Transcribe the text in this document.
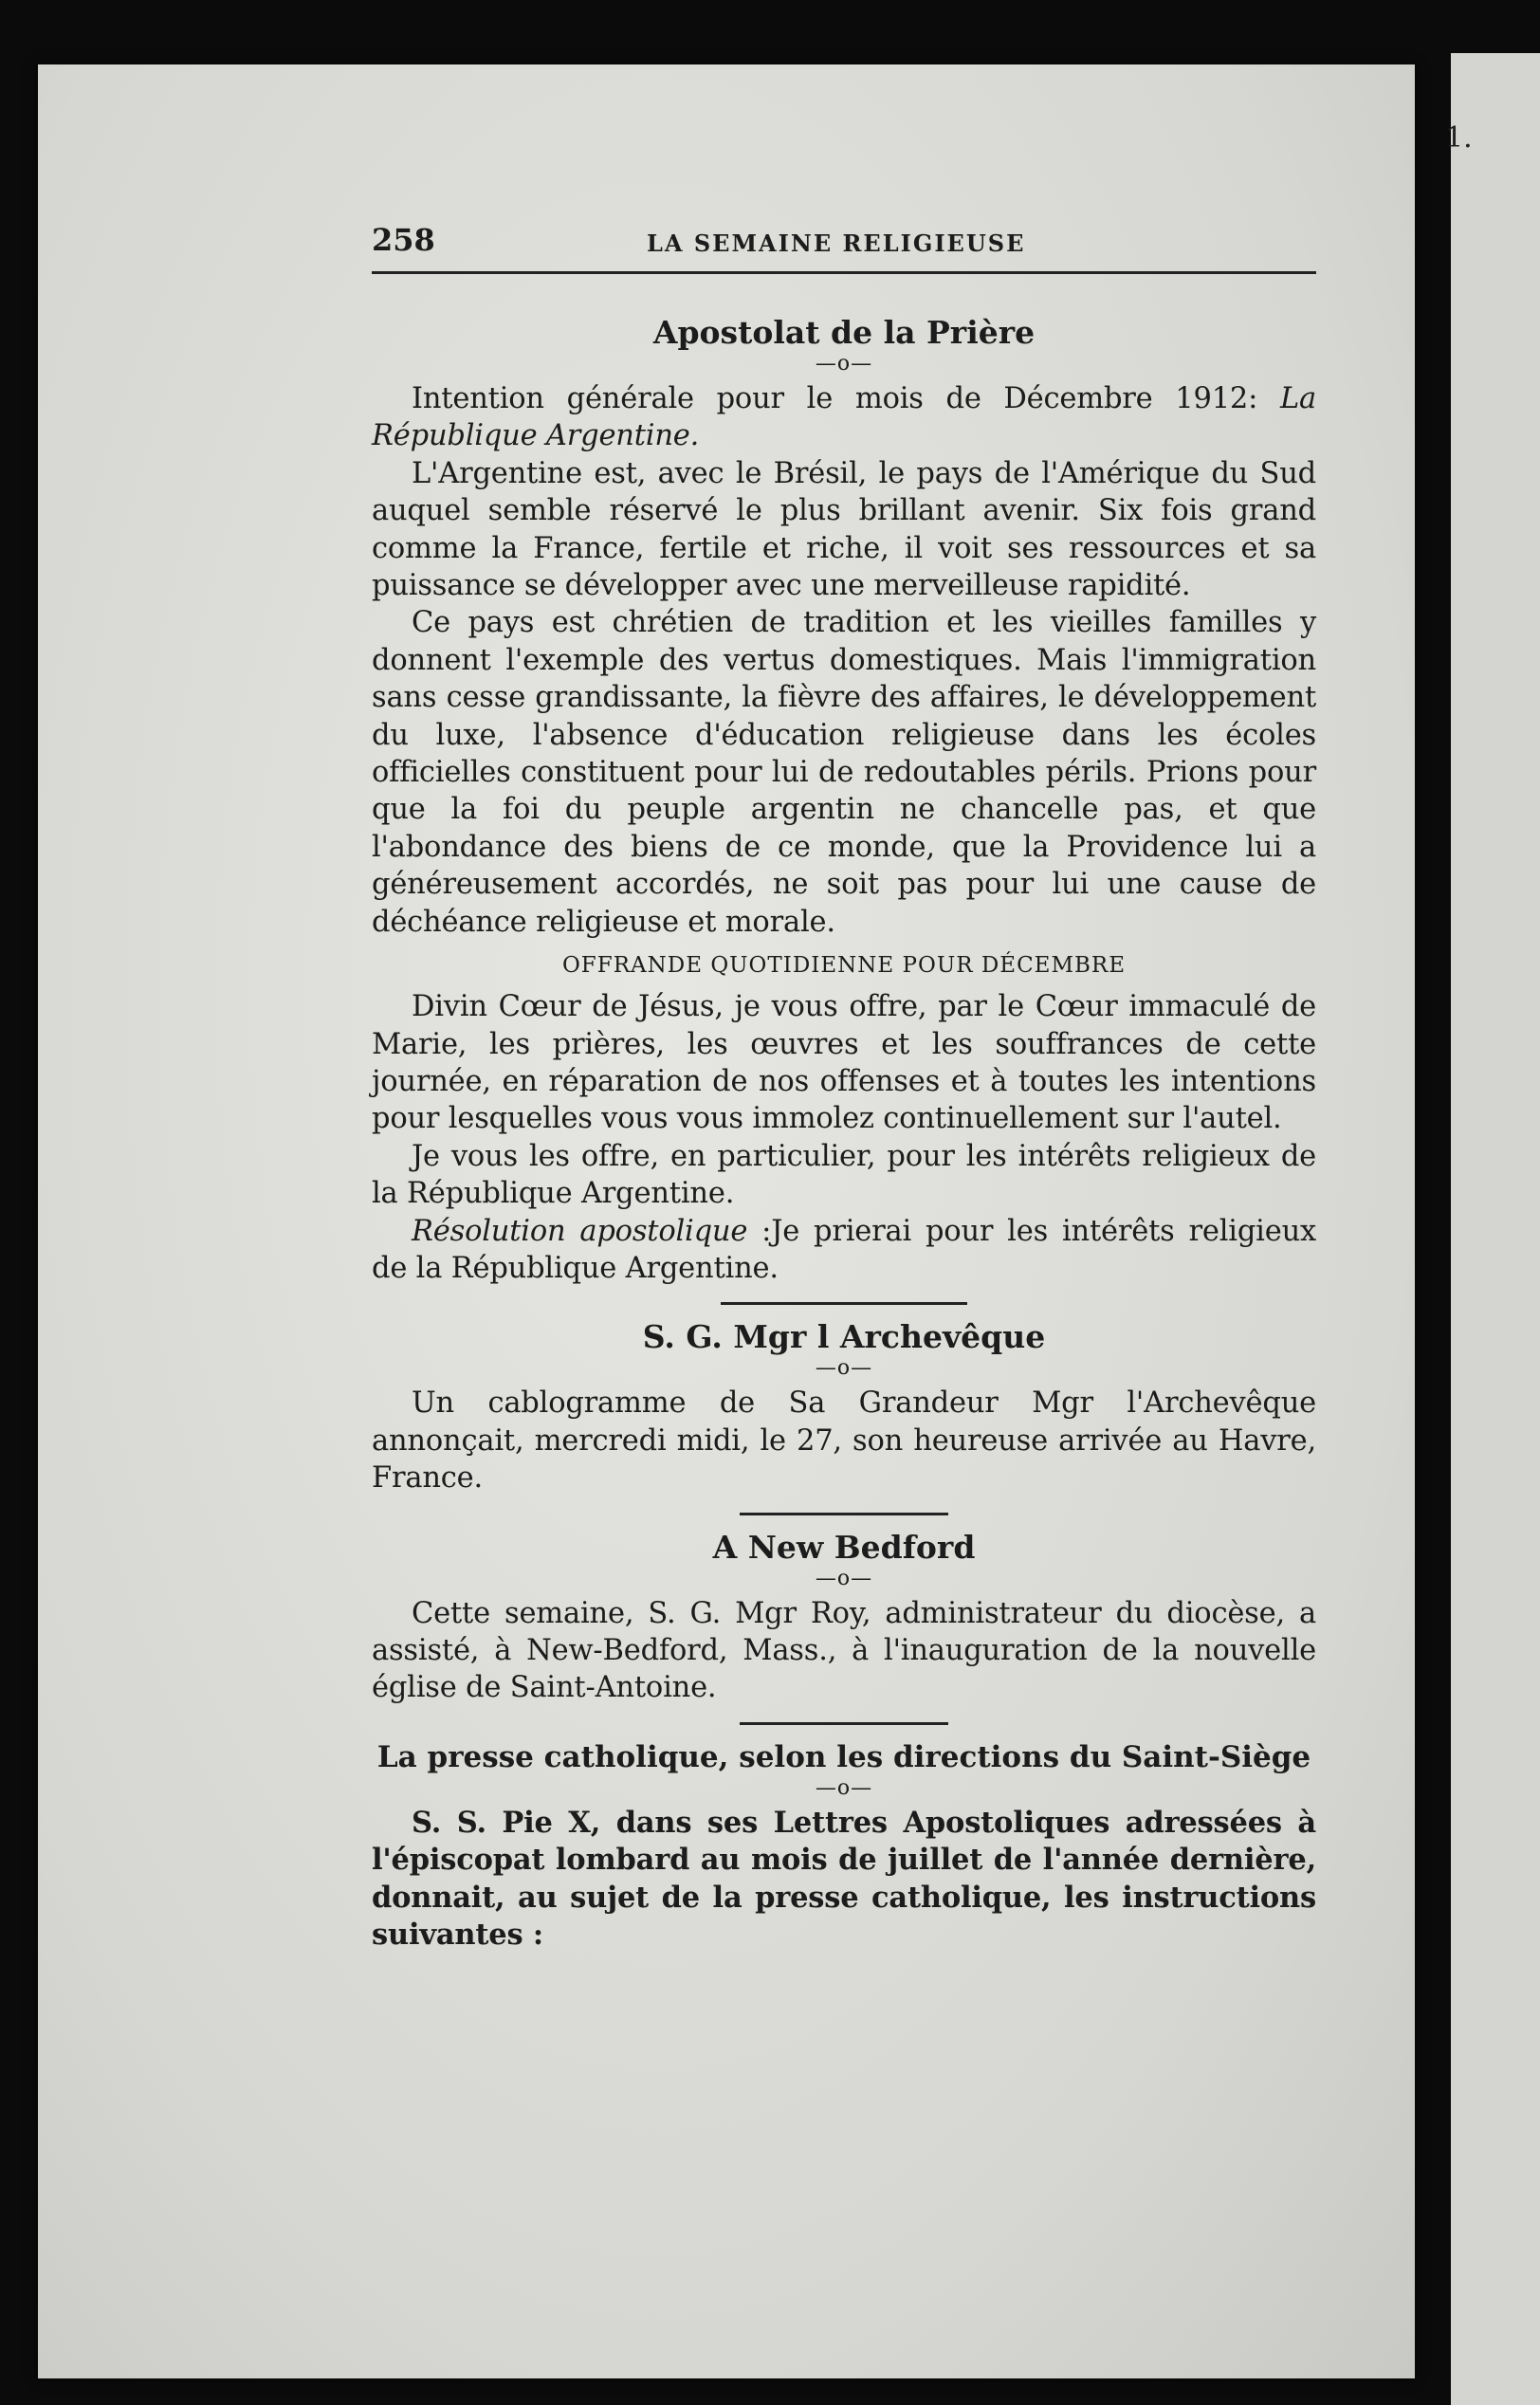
1.
258	LA SEMAINE RELIGIEUSE
Apostolat de la Prière
—o—

Intention générale pour le mois de Décembre 1912: La République Argentine.

L'Argentine est, avec le Brésil, le pays de l'Amérique du Sud auquel semble réservé le plus brillant avenir. Six fois grand comme la France, fertile et riche, il voit ses ressources et sa puissance se développer avec une merveilleuse rapidité.

Ce pays est chrétien de tradition et les vieilles familles y donnent l'exemple des vertus domestiques. Mais l'immigration sans cesse grandissante, la fièvre des affaires, le développement du luxe, l'absence d'éducation religieuse dans les écoles officielles constituent pour lui de redoutables périls. Prions pour que la foi du peuple argentin ne chancelle pas, et que l'abondance des biens de ce monde, que la Providence lui a généreusement accordés, ne soit pas pour lui une cause de déchéance religieuse et morale.

OFFRANDE QUOTIDIENNE POUR DÉCEMBRE

Divin Cœur de Jésus, je vous offre, par le Cœur immaculé de Marie, les prières, les œuvres et les souffrances de cette journée, en réparation de nos offenses et à toutes les intentions pour lesquelles vous vous immolez continuellement sur l'autel.

Je vous les offre, en particulier, pour les intérêts religieux de la République Argentine.

Résolution apostolique :Je prierai pour les intérêts religieux de la République Argentine.

S. G. Mgr l Archevêque
—o—

Un cablogramme de Sa Grandeur Mgr l'Archevêque annonçait, mercredi midi, le 27, son heureuse arrivée au Havre, France.

A New Bedford
—o—

Cette semaine, S. G. Mgr Roy, administrateur du diocèse, a assisté, à New-Bedford, Mass., à l'inauguration de la nouvelle église de Saint-Antoine.

La presse catholique, selon les directions du Saint-Siège
—o—

S. S. Pie X, dans ses Lettres Apostoliques adressées à l'épiscopat lombard au mois de juillet de l'année dernière, donnait, au sujet de la presse catholique, les instructions suivantes :
